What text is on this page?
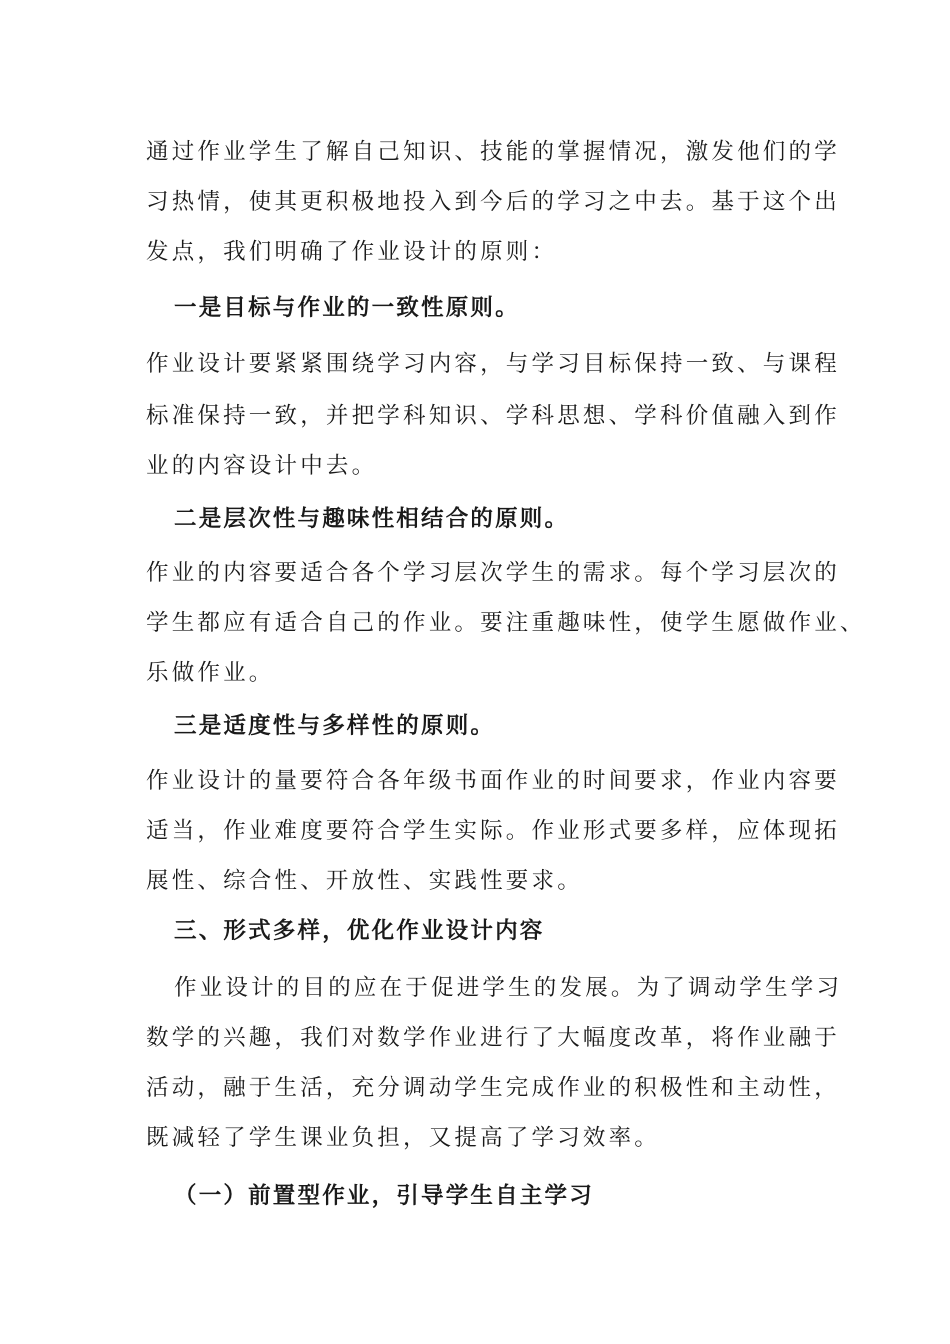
通过作业学生了解自己知识、技能的掌握情况，激发他们的学

习热情，使其更积极地投入到今后的学习之中去。基于这个出

发点，我们明确了作业设计的原则：

一是目标与作业的一致性原则。

作业设计要紧紧围绕学习内容，与学习目标保持一致、与课程

标准保持一致，并把学科知识、学科思想、学科价值融入到作

业的内容设计中去。

二是层次性与趣味性相结合的原则。

作业的内容要适合各个学习层次学生的需求。每个学习层次的

学生都应有适合自己的作业。要注重趣味性，使学生愿做作业、

乐做作业。

三是适度性与多样性的原则。

作业设计的量要符合各年级书面作业的时间要求，作业内容要

适当，作业难度要符合学生实际。作业形式要多样，应体现拓

展性、综合性、开放性、实践性要求。

三、形式多样，优化作业设计内容

作业设计的目的应在于促进学生的发展。为了调动学生学习

数学的兴趣，我们对数学作业进行了大幅度改革，将作业融于

活动，融于生活，充分调动学生完成作业的积极性和主动性，

既减轻了学生课业负担，又提高了学习效率。

（一）前置型作业，引导学生自主学习
